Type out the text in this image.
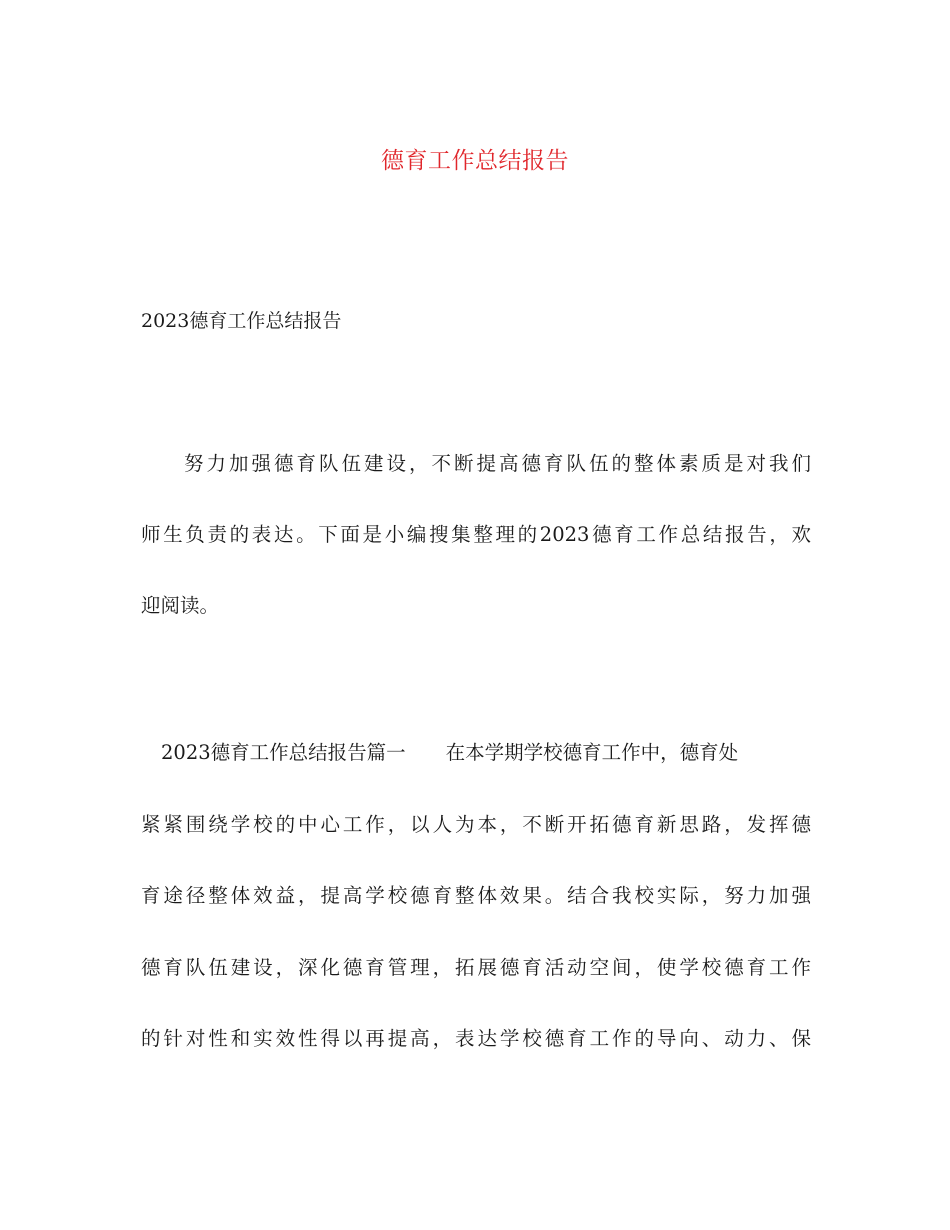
德育工作总结报告
2023德育工作总结报告
努力加强德育队伍建设，不断提高德育队伍的整体素质是对我们
师生负责的表达。下面是小编搜集整理的2023德育工作总结报告，欢
迎阅读。
2023德育工作总结报告篇一 在本学期学校德育工作中，德育处
紧紧围绕学校的中心工作，以人为本，不断开拓德育新思路，发挥德
育途径整体效益，提高学校德育整体效果。结合我校实际，努力加强
德育队伍建设，深化德育管理，拓展德育活动空间，使学校德育工作
的针对性和实效性得以再提高，表达学校德育工作的导向、动力、保
